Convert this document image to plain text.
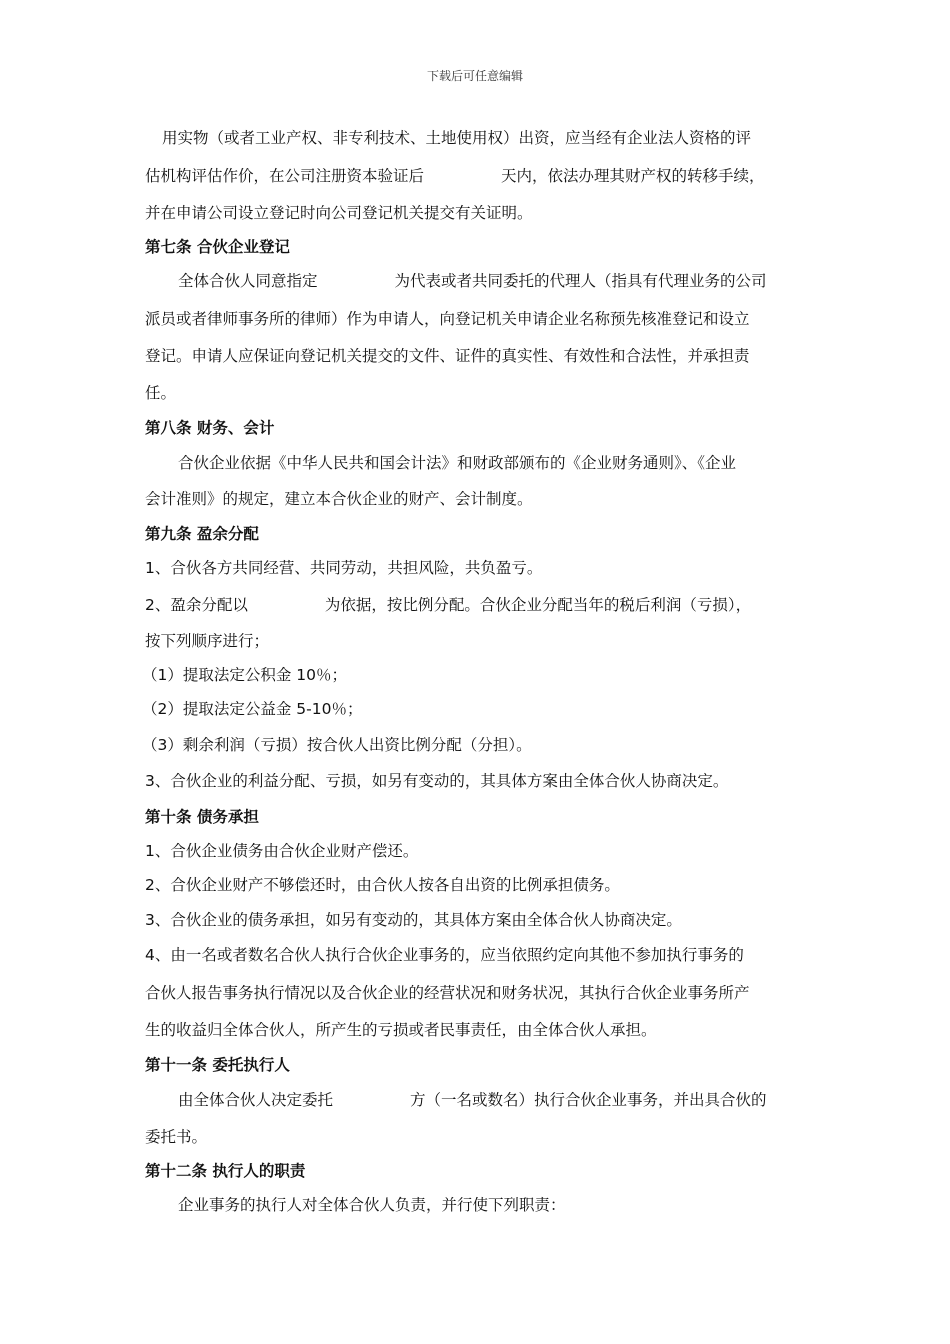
下载后可任意编辑
用实物（或者工业产权、非专利技术、土地使用权）出资，应当经有企业法人资格的评
估机构评估作价，在公司注册资本验证后	天内，依法办理其财产权的转移手续，
并在申请公司设立登记时向公司登记机关提交有关证明。
第七条 合伙企业登记
全体合伙人同意指定	为代表或者共同委托的代理人（指具有代理业务的公司
派员或者律师事务所的律师）作为申请人，向登记机关申请企业名称预先核准登记和设立
登记。申请人应保证向登记机关提交的文件、证件的真实性、有效性和合法性，并承担责
任。
第八条 财务、会计
合伙企业依据《中华人民共和国会计法》和财政部颁布的《企业财务通则》、《企业
会计准则》的规定，建立本合伙企业的财产、会计制度。
第九条 盈余分配
1、合伙各方共同经营、共同劳动，共担风险，共负盈亏。
2、盈余分配以	为依据，按比例分配。合伙企业分配当年的税后利润（亏损），
按下列顺序进行；
（1）提取法定公积金 10％；
（2）提取法定公益金 5-10％；
（3）剩余利润（亏损）按合伙人出资比例分配（分担）。
3、合伙企业的利益分配、亏损，如另有变动的，其具体方案由全体合伙人协商决定。
第十条 债务承担
1、合伙企业债务由合伙企业财产偿还。
2、合伙企业财产不够偿还时，由合伙人按各自出资的比例承担债务。
3、合伙企业的债务承担，如另有变动的，其具体方案由全体合伙人协商决定。
4、由一名或者数名合伙人执行合伙企业事务的，应当依照约定向其他不参加执行事务的
合伙人报告事务执行情况以及合伙企业的经营状况和财务状况，其执行合伙企业事务所产
生的收益归全体合伙人，所产生的亏损或者民事责任，由全体合伙人承担。
第十一条 委托执行人
由全体合伙人决定委托	方（一名或数名）执行合伙企业事务，并出具合伙的
委托书。
第十二条 执行人的职责
企业事务的执行人对全体合伙人负责，并行使下列职责：
